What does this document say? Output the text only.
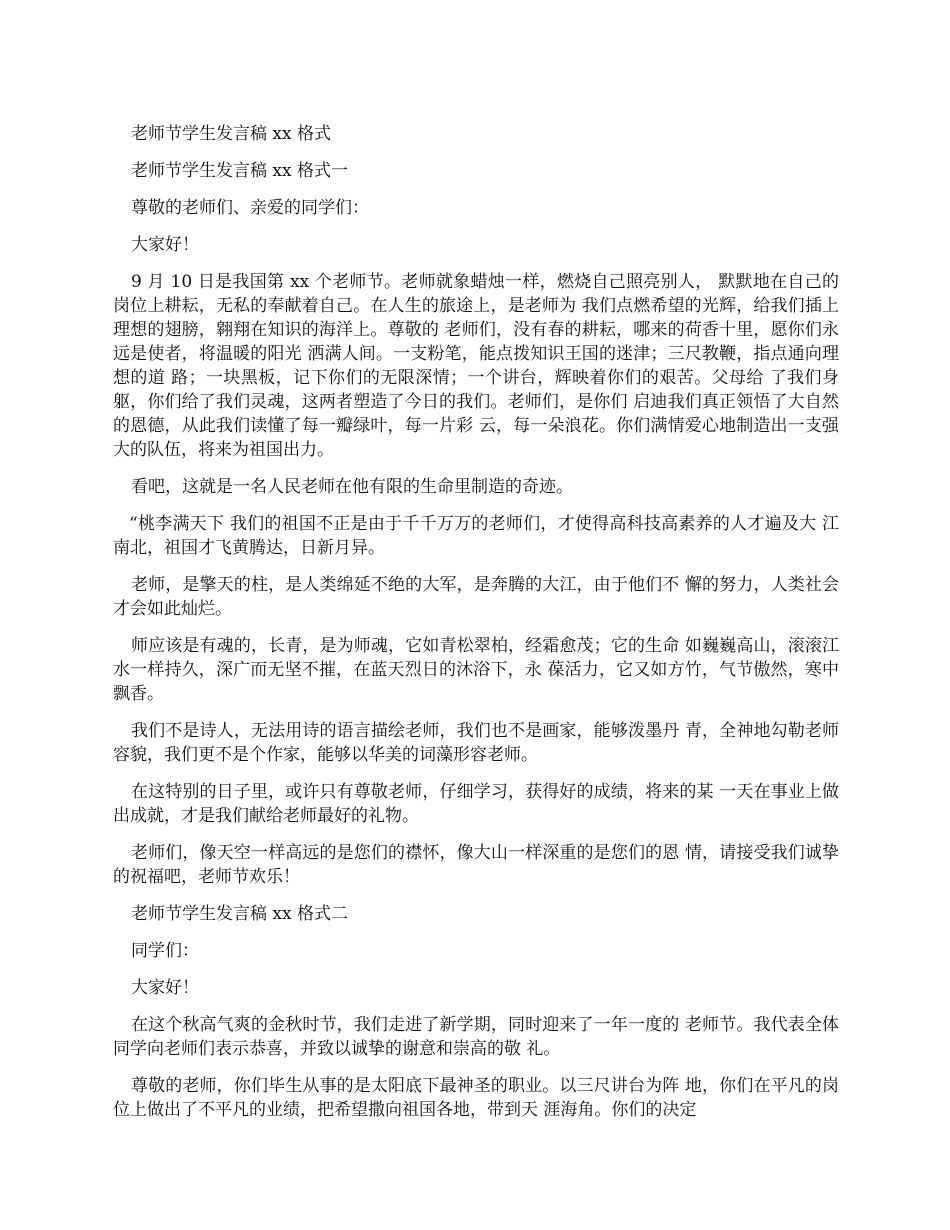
老师节学生发言稿 xx 格式

老师节学生发言稿 xx 格式一

尊敬的老师们、亲爱的同学们：

大家好！

9 月 10 日是我国第 xx 个老师节。老师就象蜡烛一样，燃烧自己照亮别人， 默默地在自己的岗位上耕耘，无私的奉献着自己。在人生的旅途上，是老师为 我们点燃希望的光辉，给我们插上理想的翅膀，翱翔在知识的海洋上。尊敬的 老师们，没有春的耕耘，哪来的荷香十里，愿你们永远是使者，将温暖的阳光 洒满人间。一支粉笔，能点拨知识王国的迷津；三尺教鞭，指点通向理想的道 路；一块黑板，记下你们的无限深情；一个讲台，辉映着你们的艰苦。父母给 了我们身躯，你们给了我们灵魂，这两者塑造了今日的我们。老师们，是你们 启迪我们真正领悟了大自然的恩德，从此我们读懂了每一瓣绿叶，每一片彩 云，每一朵浪花。你们满情爱心地制造出一支强大的队伍，将来为祖国出力。

看吧，这就是一名人民老师在他有限的生命里制造的奇迹。

“桃李满天下 我们的祖国不正是由于千千万万的老师们，才使得高科技高素养的人才遍及大 江南北，祖国才飞黄腾达，日新月异。

老师，是擎天的柱，是人类绵延不绝的大军，是奔腾的大江，由于他们不 懈的努力，人类社会才会如此灿烂。

师应该是有魂的，长青，是为师魂，它如青松翠柏，经霜愈茂；它的生命 如巍巍高山，滚滚江水一样持久，深广而无坚不摧，在蓝天烈日的沐浴下，永 葆活力，它又如方竹，气节傲然，寒中飘香。

我们不是诗人，无法用诗的语言描绘老师，我们也不是画家，能够泼墨丹 青，全神地勾勒老师容貌，我们更不是个作家，能够以华美的词藻形容老师。

在这特别的日子里，或许只有尊敬老师，仔细学习，获得好的成绩，将来的某 一天在事业上做出成就，才是我们献给老师最好的礼物。

老师们，像天空一样高远的是您们的襟怀，像大山一样深重的是您们的恩 情，请接受我们诚挚的祝福吧，老师节欢乐！

老师节学生发言稿 xx 格式二

同学们：

大家好！

在这个秋高气爽的金秋时节，我们走进了新学期，同时迎来了一年一度的 老师节。我代表全体同学向老师们表示恭喜，并致以诚挚的谢意和崇高的敬 礼。

尊敬的老师，你们毕生从事的是太阳底下最神圣的职业。以三尺讲台为阵 地，你们在平凡的岗位上做出了不平凡的业绩，把希望撒向祖国各地，带到天 涯海角。你们的决定
